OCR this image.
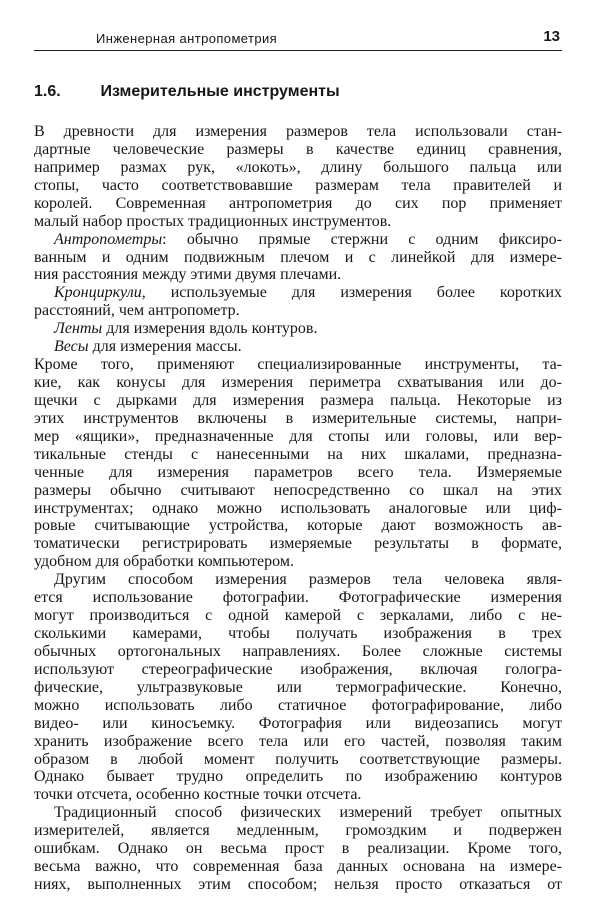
Инженерная антропометрия	13
1.6. Измерительные инструменты
В древности для измерения размеров тела использовали стан-
дартные человеческие размеры в качестве единиц сравнения,
например размах рук, «локоть», длину большого пальца или
стопы, часто соответствовавшие размерам тела правителей и
королей. Современная антропометрия до сих пор применяет
малый набор простых традиционных инструментов.
Антропометры: обычно прямые стержни с одним фиксиро-
ванным и одним подвижным плечом и с линейкой для измере-
ния расстояния между этими двумя плечами.
Кронциркули, используемые для измерения более коротких
расстояний, чем антропометр.
Ленты для измерения вдоль контуров.
Весы для измерения массы.
Кроме того, применяют специализированные инструменты, та-
кие, как конусы для измерения периметра схватывания или до-
щечки с дырками для измерения размера пальца. Некоторые из
этих инструментов включены в измерительные системы, напри-
мер «ящики», предназначенные для стопы или головы, или вер-
тикальные стенды с нанесенными на них шкалами, предназна-
ченные для измерения параметров всего тела. Измеряемые
размеры обычно считывают непосредственно со шкал на этих
инструментах; однако можно использовать аналоговые или циф-
ровые считывающие устройства, которые дают возможность ав-
томатически регистрировать измеряемые результаты в формате,
удобном для обработки компьютером.
Другим способом измерения размеров тела человека явля-
ется использование фотографии. Фотографические измерения
могут производиться с одной камерой с зеркалами, либо с не-
сколькими камерами, чтобы получать изображения в трех
обычных ортогональных направлениях. Более сложные системы
используют стереографические изображения, включая гологра-
фические, ультразвуковые или термографические. Конечно,
можно использовать либо статичное фотографирование, либо
видео- или киносъемку. Фотография или видеозапись могут
хранить изображение всего тела или его частей, позволяя таким
образом в любой момент получить соответствующие размеры.
Однако бывает трудно определить по изображению контуров
точки отсчета, особенно костные точки отсчета.
Традиционный способ физических измерений требует опытных
измерителей, является медленным, громоздким и подвержен
ошибкам. Однако он весьма прост в реализации. Кроме того,
весьма важно, что современная база данных основана на измере-
ниях, выполненных этим способом; нельзя просто отказаться от
